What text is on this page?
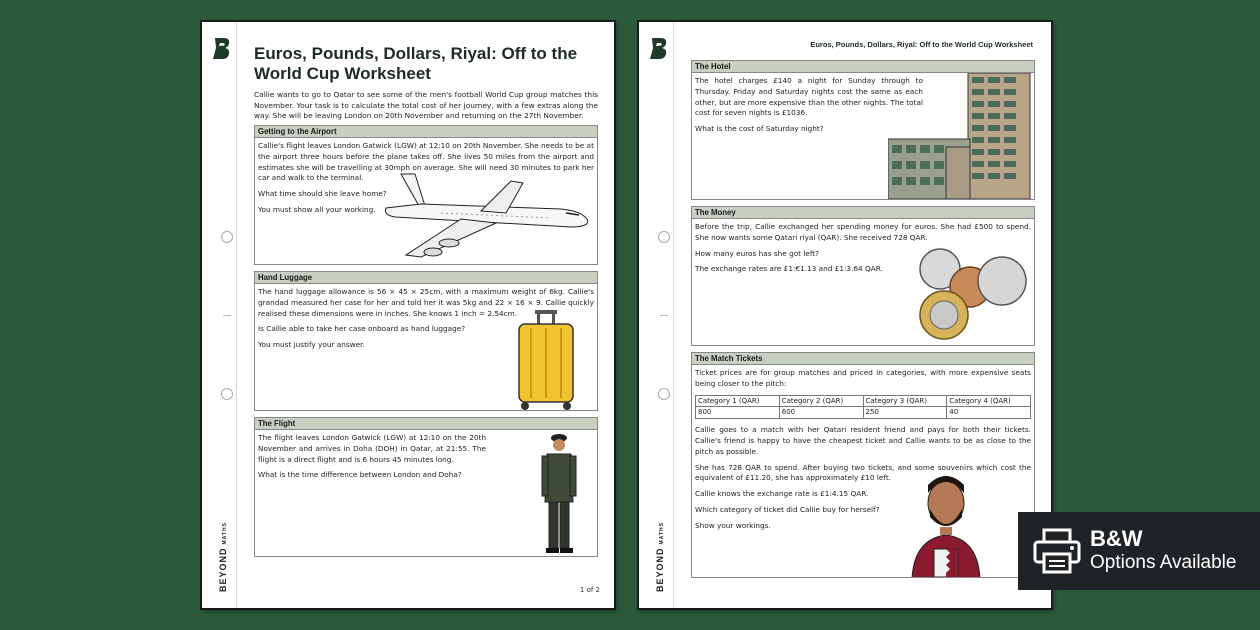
BEYONDMATHS
Euros, Pounds, Dollars, Riyal: Off to the World Cup Worksheet
Callie wants to go to Qatar to see some of the men's football World Cup group matches this November. Your task is to calculate the total cost of her journey, with a few extras along the way. She will be leaving London on 20th November and returning on the 27th November.
Getting to the Airport

Callie's flight leaves London Gatwick (LGW) at 12:10 on 20th November. She needs to be at the airport three hours before the plane takes off. She lives 50 miles from the airport and estimates she will be travelling at 30mph on average. She will need 30 minutes to park her car and walk to the terminal.

What time should she leave home?

You must show all your working.

Hand Luggage

The hand luggage allowance is 56 × 45 × 25cm, with a maximum weight of 6kg. Callie's grandad measured her case for her and told her it was 5kg and 22 × 16 × 9. Callie quickly realised these dimensions were in inches. She knows 1 inch = 2.54cm.

Is Callie able to take her case onboard as hand luggage?

You must justify your answer.

The Flight

The flight leaves London Gatwick (LGW) at 12:10 on the 20th November and arrives in Doha (DOH) in Qatar, at 21:55. The flight is a direct flight and is 6 hours 45 minutes long.

What is the time difference between London and Doha?

1 of 2	BEYONDMATHS
Euros, Pounds, Dollars, Riyal: Off to the World Cup Worksheet
The Hotel

The hotel charges £140 a night for Sunday through to Thursday. Friday and Saturday nights cost the same as each other, but are more expensive than the other nights. The total cost for seven nights is £1036.

What is the cost of Saturday night?

The Money

Before the trip, Callie exchanged her spending money for euros. She had £500 to spend. She now wants some Qatari riyal (QAR). She received 728 QAR.

How many euros has she got left?

The exchange rates are £1:€1.13 and £1:3.64 QAR.

The Match Tickets

Ticket prices are for group matches and priced in categories, with more expensive seats being closer to the pitch:

Category 1 (QAR)	Category 2 (QAR)	Category 3 (QAR)	Category 4 (QAR)
800	600	250	40

Callie goes to a match with her Qatari resident friend and pays for both their tickets. Callie's friend is happy to have the cheapest ticket and Callie wants to be as close to the pitch as possible.

She has 728 QAR to spend. After buying two tickets, and some souvenirs which cost the equivalent of £11.20, she has approximately £10 left.

Callie knows the exchange rate is £1:4.15 QAR.

Which category of ticket did Callie buy for herself?

Show your workings.

B&W
Options Available
